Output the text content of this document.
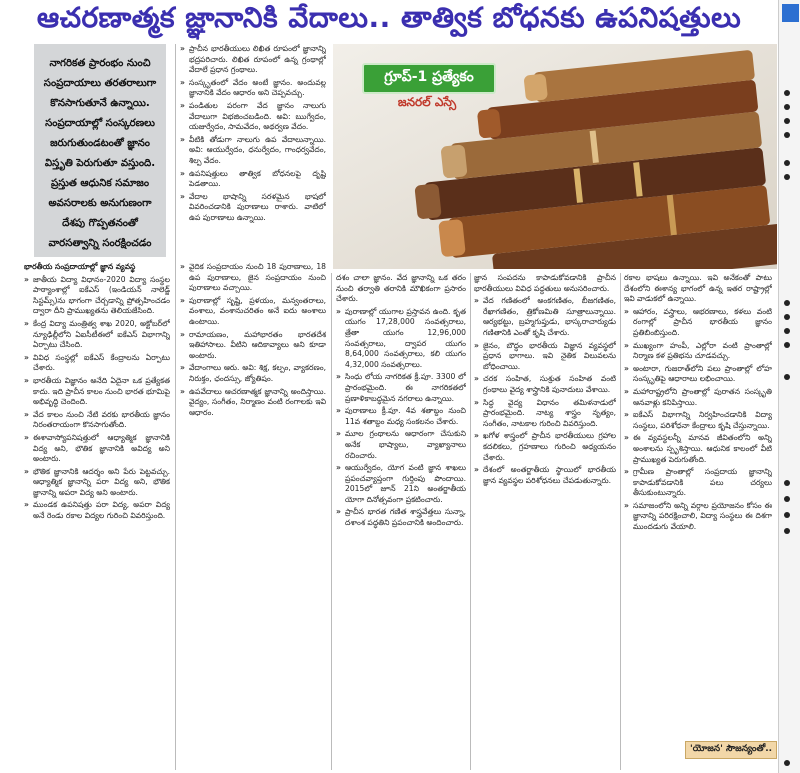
ఆచరణాత్మక జ్ఞానానికి వేదాలు.. తాత్విక బోధనకు ఉపనిషత్తులు
నాగరికత ప్రారంభం నుంచి సంప్రదాయాలు తరతరాలుగా కొనసాగుతూనే ఉన్నాయి. సంప్రదాయాల్లో సంస్కరణలు జరుగుతుండటంతో జ్ఞానం విస్తృతి పెరుగుతూ వస్తుంది. ప్రస్తుత ఆధునిక సమాజం అవసరాలకు అనుగుణంగా దేశపు గొప్పతనంతో వారసత్వాన్ని సంరక్షించడం
గ్రూప్-1 ప్రత్యేకం
జనరల్ ఎస్సే
» ప్రాచీన భారతీయులు లిఖిత రూపంలో జ్ఞానాన్ని భద్రపరిచారు. లిఖిత రూపంలో ఉన్న గ్రంథాల్లో వేదాలే ప్రధాన గ్రంథాలు.
» సంస్కృతంలో వేదం అంటే జ్ఞానం. అందువల్ల జ్ఞానానికి వేదం ఆధారం అని చెప్పవచ్చు.
» పండితుల పరంగా వేద జ్ఞానం నాలుగు వేదాలుగా విభజించబడింది. అవి: ఋగ్వేదం, యజుర్వేదం, సామవేదం, అథర్వణ వేదం.
» వీటికి తోడుగా నాలుగు ఉప వేదాలున్నాయి. అవి: ఆయుర్వేదం, ధనుర్వేదం, గాంధర్వవేదం, శిల్ప వేదం.
» ఉపనిషత్తులు తాత్విక బోధనలపై దృష్టి పెడతాయి.
» వేదాల భాషాన్ని సరళమైన భాషలో వివరించడానికి పురాణాలు రాశారు. వాటిలో ఉప పురాణాలు ఉన్నాయి.
» వైదిక సంప్రదాయం నుంచి 18 పురాణాలు, 18 ఉప పురాణాలు, జైన సంప్రదాయం నుంచి పురాణాలు వచ్చాయి.
» పురాణాల్లో సృష్టి, ప్రళయం, మన్వంతరాలు, వంశాలు, వంశానుచరితం అనే ఐదు అంశాలు ఉంటాయి.
» రామాయణం, మహాభారతం భారతదేశ ఇతిహాసాలు. వీటిని ఆదికావ్యాలు అని కూడా అంటారు.
» వేదాంగాలు ఆరు. అవి: శిక్ష, కల్పం, వ్యాకరణం, నిరుక్తం, ఛందస్సు, జ్యోతిషం.
» ఉపవేదాలు ఆచరణాత్మక జ్ఞానాన్ని అందిస్తాయి. వైద్యం, సంగీతం, నిర్మాణం వంటి రంగాలకు ఇవి ఆధారం.

భారతీయ సంప్రదాయాల్లో జ్ఞాన వ్యవస్థ

» జాతీయ విద్యా విధానం-2020 విద్యా సంస్థల పాఠ్యాంశాల్లో ఐకేఎస్ (ఇండియన్ నాలెడ్జ్ సిస్టమ్స్)ను భాగంగా చేర్చడాన్ని ప్రోత్సహించడం ద్వారా దీని ప్రాముఖ్యతను తెలియజేసింది.
» కేంద్ర విద్యా మంత్రిత్వ శాఖ 2020, అక్టోబర్‌లో న్యూఢిల్లీలోని ఏఐసీటీఈలో ఐకేఎస్ విభాగాన్ని ఏర్పాటు చేసింది.
» వివిధ సంస్థల్లో ఐకేఎస్ కేంద్రాలను ఏర్పాటు చేశారు.
» భారతీయ విజ్ఞానం అనేది ఏదైనా ఒక ప్రత్యేకత కాదు. ఇది ప్రాచీన కాలం నుంచి భారత భూమిపై అభివృద్ధి చెందింది.
» వేద కాలం నుంచి నేటి వరకు భారతీయ జ్ఞానం నిరంతరాయంగా కొనసాగుతోంది.
» ఈశావాస్యోపనిషత్తులో ఆధ్యాత్మిక జ్ఞానానికి విద్య అని, భౌతిక జ్ఞానానికి అవిద్య అని అంటారు.
» భౌతిక జ్ఞానానికి ఆదర్శం అని పేరు పెట్టవచ్చు. ఆధ్యాత్మిక జ్ఞానాన్ని పరా విద్య అని, భౌతిక జ్ఞానాన్ని అపరా విద్య అని అంటారు.
» ముండక ఉపనిషత్తు పరా విద్య, అపరా విద్య అనే రెండు రకాల విద్యల గురించి వివరిస్తుంది.

దశం చాలా జ్ఞానం. వేద జ్ఞానాన్ని ఒక తరం నుంచి తర్వాతి తరానికి మౌఖికంగా ప్రసారం చేశారు.

» పురాణాల్లో యుగాల ప్రస్తావన ఉంది. కృత యుగం 17,28,000 సంవత్సరాలు, త్రేతా యుగం 12,96,000 సంవత్సరాలు, ద్వాపర యుగం 8,64,000 సంవత్సరాలు, కలి యుగం 4,32,000 సంవత్సరాలు.
» సింధు లోయ నాగరికత క్రీ.పూ. 3300 లో ప్రారంభమైంది. ఈ నాగరికతలో ప్రణాళికాబద్ధమైన నగరాలు ఉన్నాయి.
» పురాణాలు క్రీ.పూ. 4వ శతాబ్దం నుంచి 11వ శతాబ్దం మధ్య సంకలనం చేశారు.
» మూల గ్రంథాలను ఆధారంగా చేసుకుని అనేక భాష్యాలు, వ్యాఖ్యానాలు రచించారు.
» ఆయుర్వేదం, యోగ వంటి జ్ఞాన శాఖలు ప్రపంచవ్యాప్తంగా గుర్తింపు పొందాయి. 2015లో జూన్ 21ని అంతర్జాతీయ యోగా దినోత్సవంగా ప్రకటించారు.
» ప్రాచీన భారత గణిత శాస్త్రవేత్తలు సున్నా, దశాంశ పద్ధతిని ప్రపంచానికి అందించారు.

జ్ఞాన సంపదను కాపాడుకోవడానికి ప్రాచీన భారతీయులు వివిధ పద్ధతులు అనుసరించారు.

» వేద గణితంలో అంకగణితం, బీజగణితం, రేఖాగణితం, త్రికోణమితి సూత్రాలున్నాయి. ఆర్యభట్టు, బ్రహ్మగుప్తుడు, భాస్కరాచార్యుడు గణితానికి ఎంతో కృషి చేశారు.
» జైనం, బౌద్ధం భారతీయ విజ్ఞాన వ్యవస్థలో ప్రధాన భాగాలు. ఇవి నైతిక విలువలను బోధించాయి.
» చరక సంహిత, సుశ్రుత సంహిత వంటి గ్రంథాలు వైద్య శాస్త్రానికి పునాదులు వేశాయి.
» సిద్ధ వైద్య విధానం తమిళనాడులో ప్రారంభమైంది. నాట్య శాస్త్రం నృత్యం, సంగీతం, నాటకాల గురించి వివరిస్తుంది.
» ఖగోళ శాస్త్రంలో ప్రాచీన భారతీయులు గ్రహాల కదలికలు, గ్రహణాలు గురించి అధ్యయనం చేశారు.
» దేశంలో అంతర్జాతీయ స్థాయిలో భారతీయ జ్ఞాన వ్యవస్థల పరిశోధనలు చేపడుతున్నారు.

రకాల భాషలు ఉన్నాయి. ఇవి అనేకంతో పాటు దేశంలోని ఈశాన్య భాగంలో ఉన్న ఇతర రాష్ట్రాల్లో ఇవి వాడుకలో ఉన్నాయి.

» ఆహారం, వస్త్రాలు, ఆభరణాలు, కళలు వంటి రంగాల్లో ప్రాచీన భారతీయ జ్ఞానం ప్రతిబింబిస్తుంది.
» ముఖ్యంగా హంపీ, ఎల్లోరా వంటి ప్రాంతాల్లో నిర్మాణ కళ ప్రతిభను చూడవచ్చు.
» అంటారా, గుజరాత్‌లోని పలు ప్రాంతాల్లో లోహ సంస్కృతిపై ఆధారాలు లభించాయి.
» మహారాష్ట్రలోని ప్రాంతాల్లో పురాతన సంస్కృతి ఆనవాళ్లు కనిపిస్తాయి.
» ఐకేఎస్ విభాగాన్ని నిర్వహించడానికి విద్యా సంస్థలు, పరిశోధనా కేంద్రాలు కృషి చేస్తున్నాయి.
» ఈ వ్యవస్థలన్నీ మానవ జీవితంలోని అన్ని అంశాలను స్పృశిస్తాయి. ఆధునిక కాలంలో వీటి ప్రాముఖ్యత పెరుగుతోంది.
» గ్రామీణ ప్రాంతాల్లో సంప్రదాయ జ్ఞానాన్ని కాపాడుకోవడానికి పలు చర్యలు తీసుకుంటున్నారు.
» సమాజంలోని అన్ని వర్గాల ప్రయోజనం కోసం ఈ జ్ఞానాన్ని పరిరక్షించాలి, విద్యా సంస్థలు ఈ దిశగా ముందడుగు వేయాలి.
'యోజన' సౌజన్యంతో..
